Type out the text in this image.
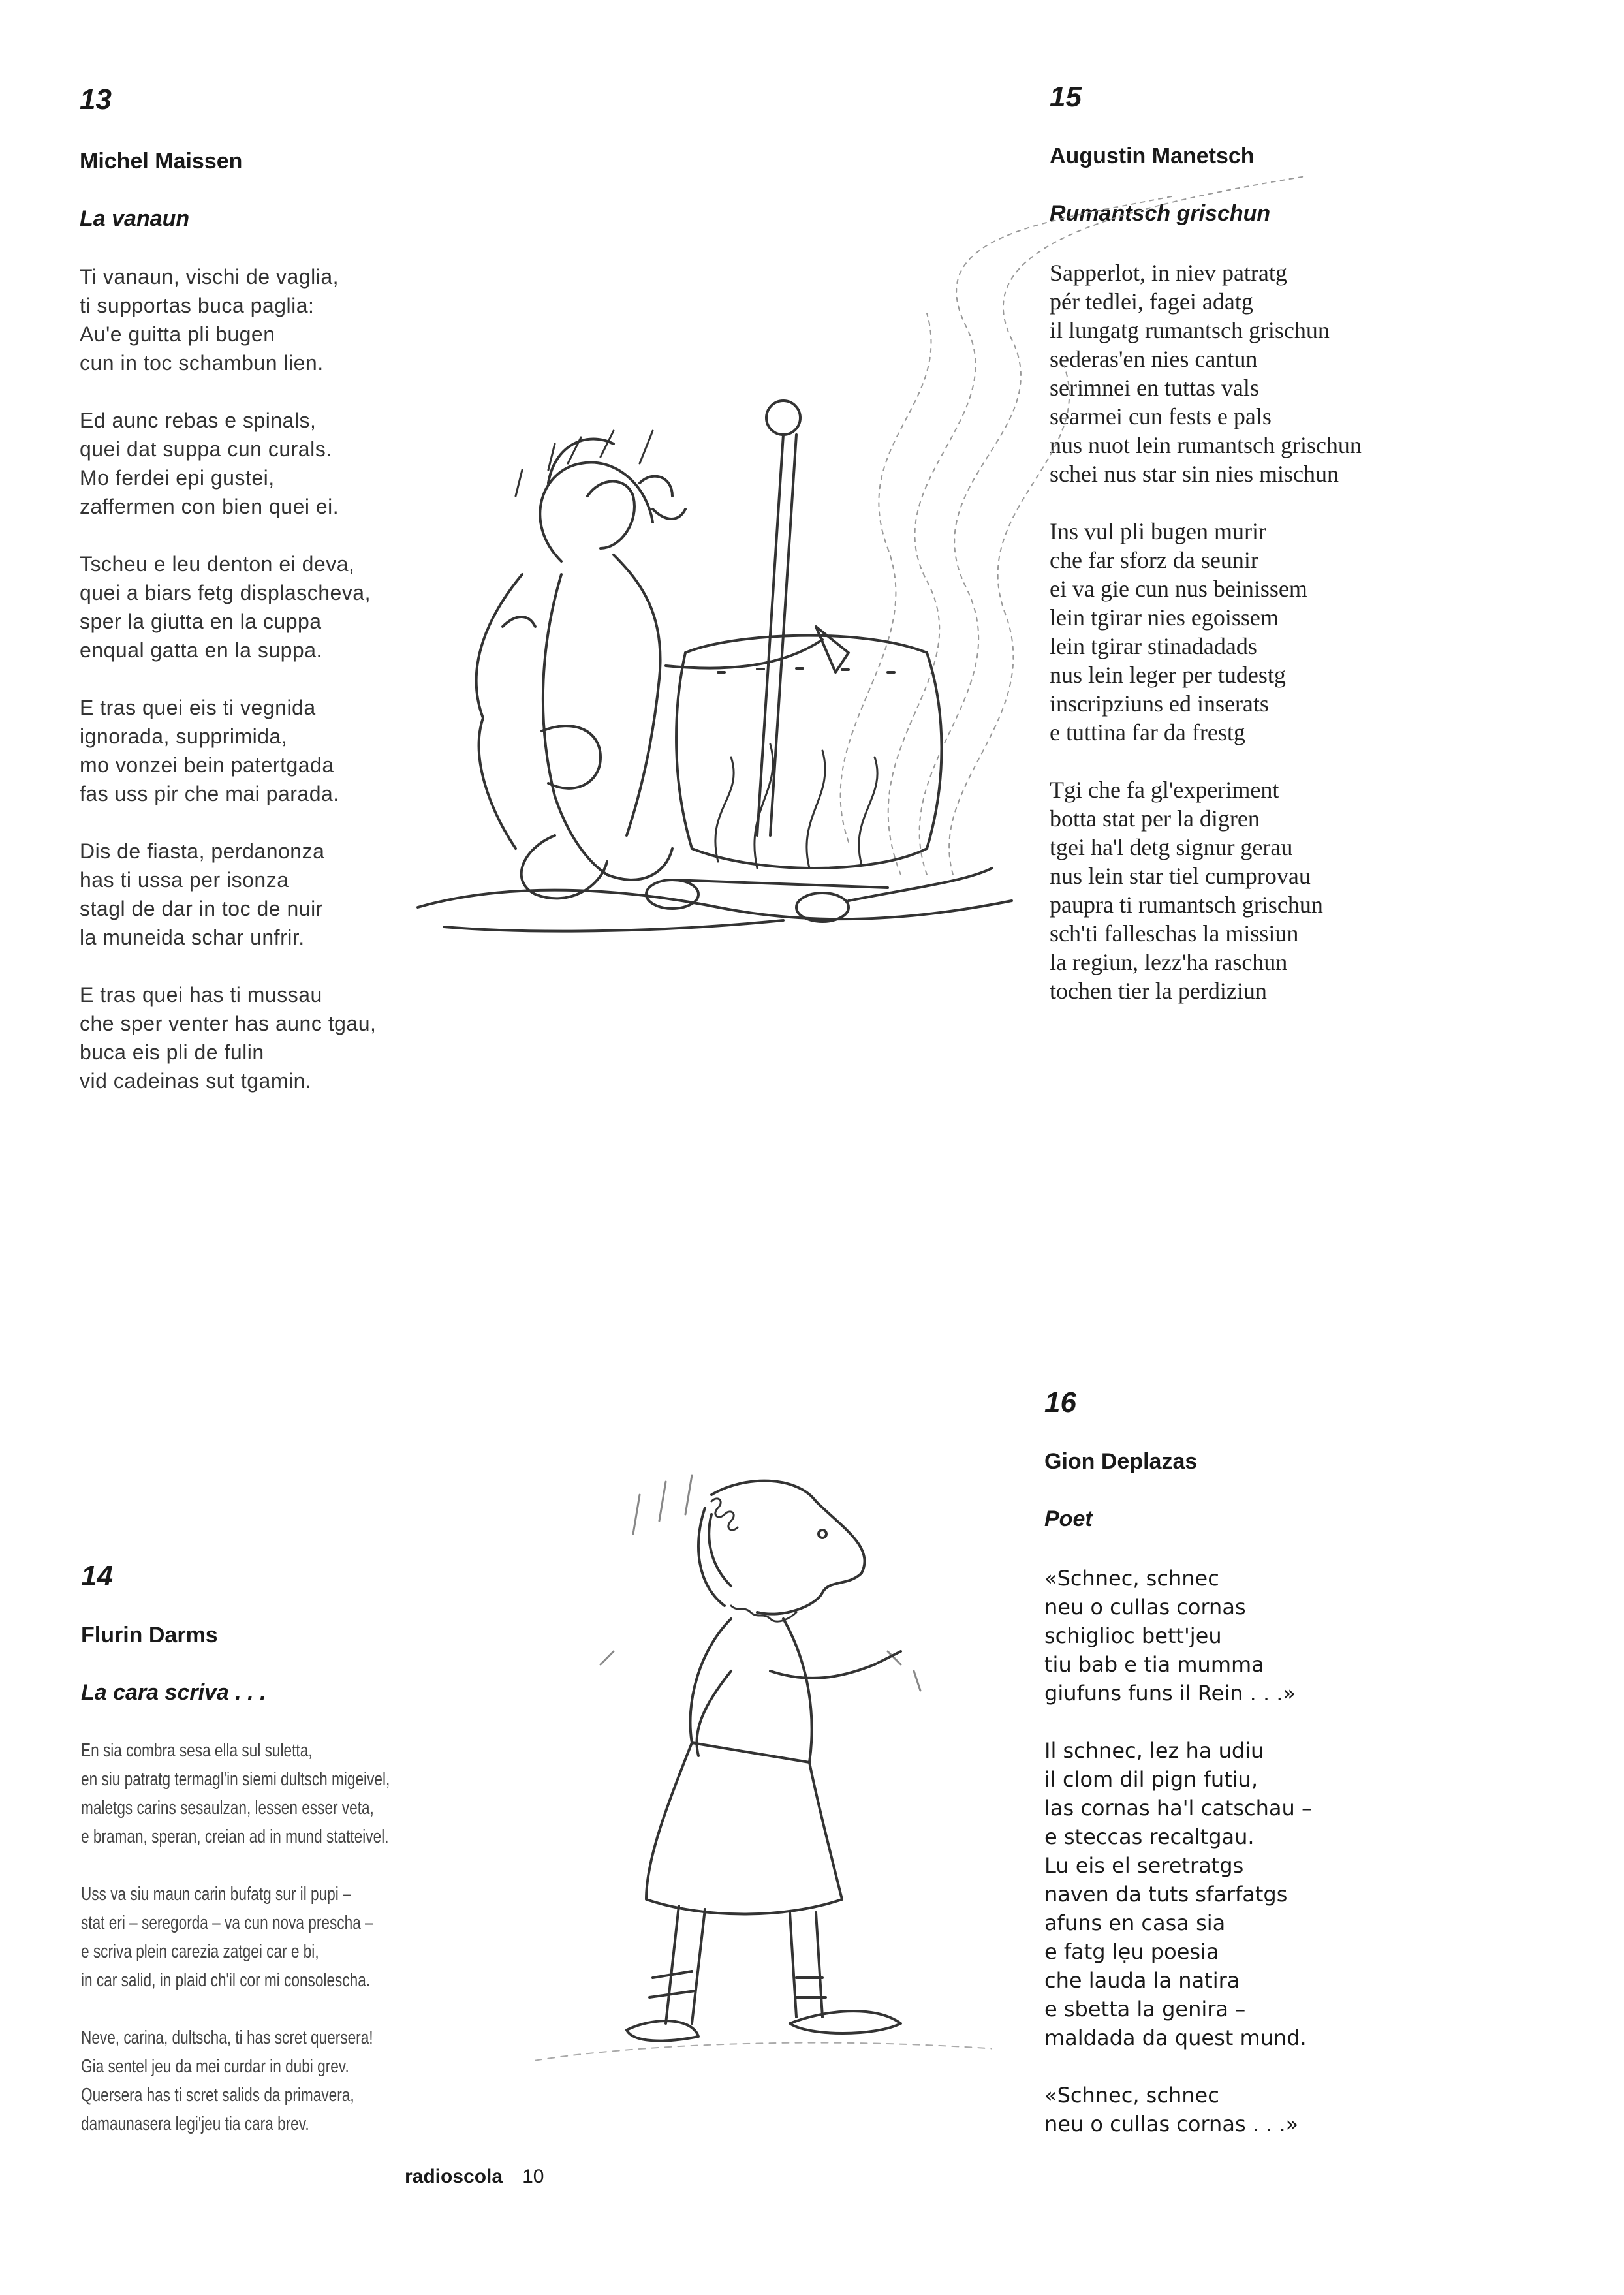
13
Michel Maissen
La vanaun
Ti vanaun, vischi de vaglia,
ti supportas buca paglia:
Au'e guitta pli bugen
cun in toc schambun lien.
Ed aunc rebas e spinals,
quei dat suppa cun curals.
Mo ferdei epi gustei,
zaffermen con bien quei ei.
Tscheu e leu denton ei deva,
quei a biars fetg displascheva,
sper la giutta en la cuppa
enqual gatta en la suppa.
E tras quei eis ti vegnida
ignorada, supprimida,
mo vonzei bein patertgada
fas uss pir che mai parada.
Dis de fiasta, perdanonza
has ti ussa per isonza
stagl de dar in toc de nuir
la muneida schar unfrir.
E tras quei has ti mussau
che sper venter has aunc tgau,
buca eis pli de fulin
vid cadeinas sut tgamin.
15
Augustin Manetsch
Rumantsch grischun
Sapperlot, in niev patratg
pér tedlei, fagei adatg
il lungatg rumantsch grischun
sederas'en nies cantun
serimnei en tuttas vals
searmei cun fests e pals
nus nuot lein rumantsch grischun
schei nus star sin nies mischun
Ins vul pli bugen murir
che far sforz da seunir
ei va gie cun nus beinissem
lein tgirar nies egoissem
lein tgirar stinadadads
nus lein leger per tudestg
inscripziuns ed inserats
e tuttina far da frestg
Tgi che fa gl'experiment
botta stat per la digren
tgei ha'l detg signur gerau
nus lein star tiel cumprovau
paupra ti rumantsch grischun
sch'ti falleschas la missiun
la regiun, lezz'ha raschun
tochen tier la perdiziun
14
Flurin Darms
La cara scriva . . .
En sia combra sesa ella sul suletta,
en siu patratg termagl'in siemi dultsch migeivel,
maletgs carins sesaulzan, lessen esser veta,
e braman, speran, creian ad in mund statteivel.
Uss va siu maun carin bufatg sur il pupi –
stat eri – seregorda – va cun nova prescha –
e scriva plein carezia zatgei car e bi,
in car salid, in plaid ch'il cor mi consolescha.
Neve, carina, dultscha, ti has scret quersera!
Gia sentel jeu da mei curdar in dubi grev.
Quersera has ti scret salids da primavera,
damaunasera legi'jeu tia cara brev.
16
Gion Deplazas
Poet
«Schnec, schnec
neu o cullas cornas
schiglioc bett'jeu
tiu bab e tia mumma
giufuns funs il Rein . . .»
Il schnec, lez ha udiu
il clom dil pign futiu,
las cornas ha'l catschau –
e steccas recaltgau.
Lu eis el seretratgs
naven da tuts sfarfatgs
afuns en casa sia
e fatg lẹu poesia
che lauda la natira
e sbetta la genira –
maldada da quest mund.
«Schnec, schnec
neu o cullas cornas . . .»
radioscola 10
